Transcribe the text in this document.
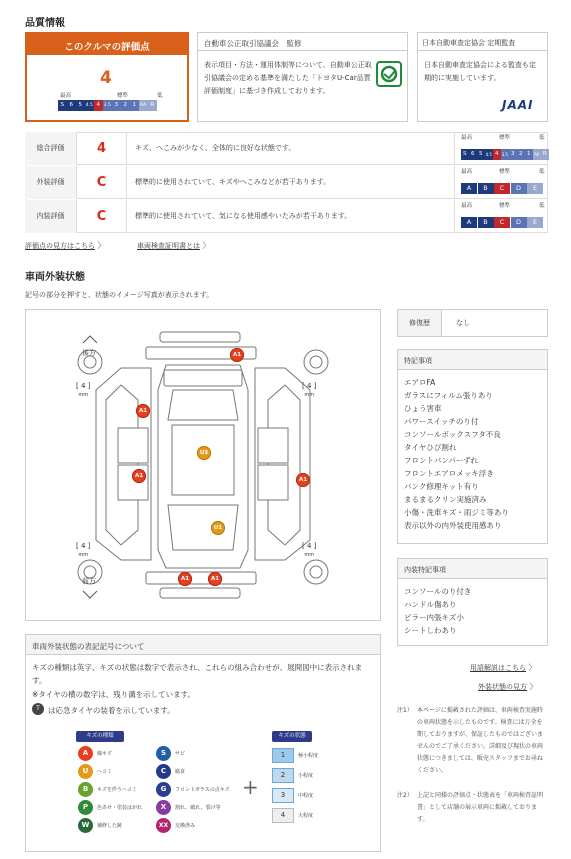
品質情報
このクルマの評価点
4
最高	標準	低
S	6	5 4.5 4 3.5 3	2	1 RA R
自動車公正取引協議会　監修
表示項目・方法・運用体制等について、自動車公正取引協議会の定める基準を満たした「トヨタU-Car品質評価制度」に基づき作成しております。
日本自動車査定協会 定期監査
日本自動車査定協会による監査も定期的に実施しています。
JAAI
総合評価	4	キズ、へこみが少なく、全体的に良好な状態です。
最高	標準	低
S 6 5 4.5 4 3.5 3 2 1 RA R
外装評価	C	標準的に使用されていて、キズやへこみなどが若干あります。
最高	標準	低
A	B	C	D	E
内装評価	C	標準的に使用されていて、気になる使用感やいたみが若干あります。
最高	標準	低
A	B	C	D	E
評価点の見方はこちら 〉	車両検査証明書とは 〉
車両外装状態
記号の部分を押すと、状態のイメージ写真が表示されます。
後方
前方
[ 4 ]
mm
[ 4 ]
mm
[ 4 ]
mm
[ 4 ]
mm
A1
A1
U3
A1
A1
U1
A1	A1
修復歴	なし
特記事項
エアロFA
ガラスにフィルム張りあり
ひょう害車
パワースイッチのり付
コンソールボックスフタ不良
タイヤひび割れ
フロントバンパーずれ
フロントエアロメッキ浮き
パンク修理キット有り
まるまるクリン実施済み
小傷・洗車キズ・雨ジミ等あり
表示以外の内外装使用感あり
内装特記事項
コンソールのり付き
ハンドル傷あり
ピラー内張キズ小
シートしわあり
用語解説はこちら 〉
外装状態の見方 〉
注1） 本ページに掲載された評価は、車両検査実施時の車両状態を示したものです。検査には万全を期しておりますが、保証したものではございませんのでご了承ください。詳細及び現状の車両状態につきましては、販売スタッフまでお尋ねください。
注2） 上記と同様の評価点・状態表を「車両検査証明書」として店舗の展示車両に掲載しております。
車両外装状態の表記記号について
キズの種類は英字、キズの状態は数字で表示され、これらの組み合わせが、展開図中に表示されます。
※タイヤの横の数字は、残り溝を示しています。
T	は応急タイヤの装着を示しています。
キズの種類	キズの状態
A	線キズ	S	サビ
U	ヘコミ	C	腐食
B	キズを伴うヘコミ	G	フロントガラスの点キズ
P	色あせ・塗装はがれ	X	割れ、破れ、裂け等
W	補修した跡	XX	交換済み
+
1	極小程度
2	小程度
3	中程度
4	大程度
